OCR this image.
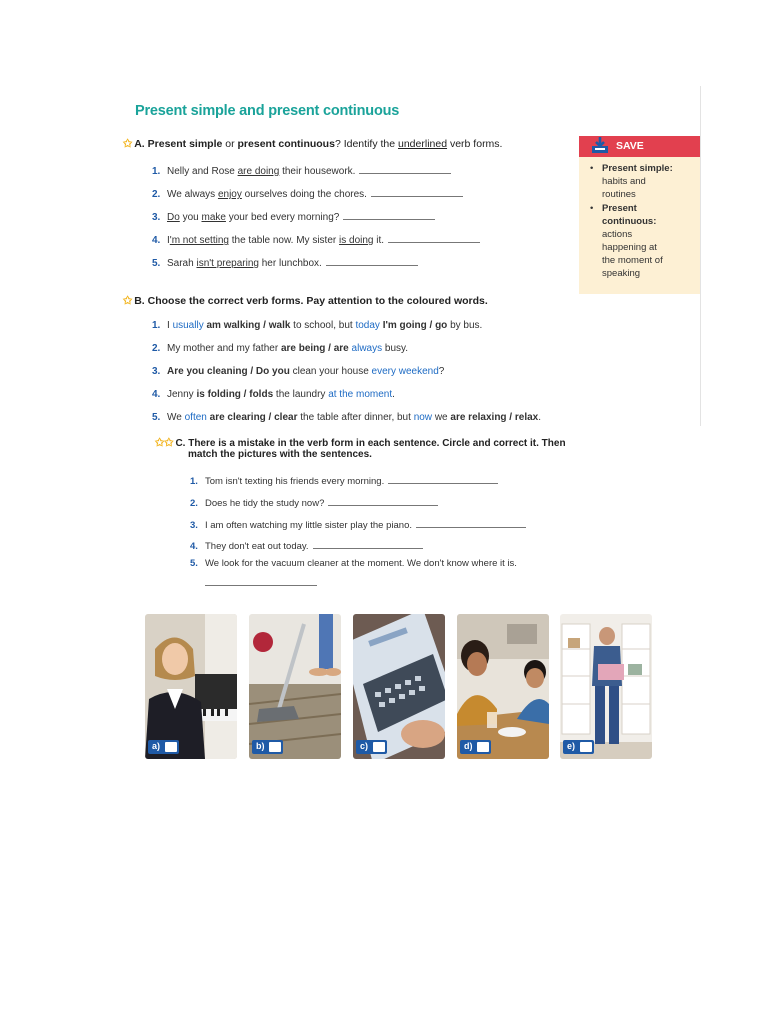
Present simple and present continuous
✩ A. Present simple or present continuous? Identify the underlined verb forms.
1. Nelly and Rose are doing their housework.
2. We always enjoy ourselves doing the chores.
3. Do you make your bed every morning?
4. I'm not setting the table now. My sister is doing it.
5. Sarah isn't preparing her lunchbox.
SAVE
• Present simple:
habits and
routines
• Present
continuous:
actions
happening at
the moment of
speaking
✩ B. Choose the correct verb forms. Pay attention to the coloured words.
1. I usually am walking / walk to school, but today I'm going / go by bus.
2. My mother and my father are being / are always busy.
3. Are you cleaning / Do you clean your house every weekend?
4. Jenny is folding / folds the laundry at the moment.
5. We often are clearing / clear the table after dinner, but now we are relaxing / relax.
✩✩ C. There is a mistake in the verb form in each sentence. Circle and correct it. Then
match the pictures with the sentences.
1. Tom isn't texting his friends every morning.
2. Does he tidy the study now?
3. I am often watching my little sister play the piano.
4. They don't eat out today.
5. We look for the vacuum cleaner at the moment. We don't know where it is.
a)	b)	c)	d)	e)
